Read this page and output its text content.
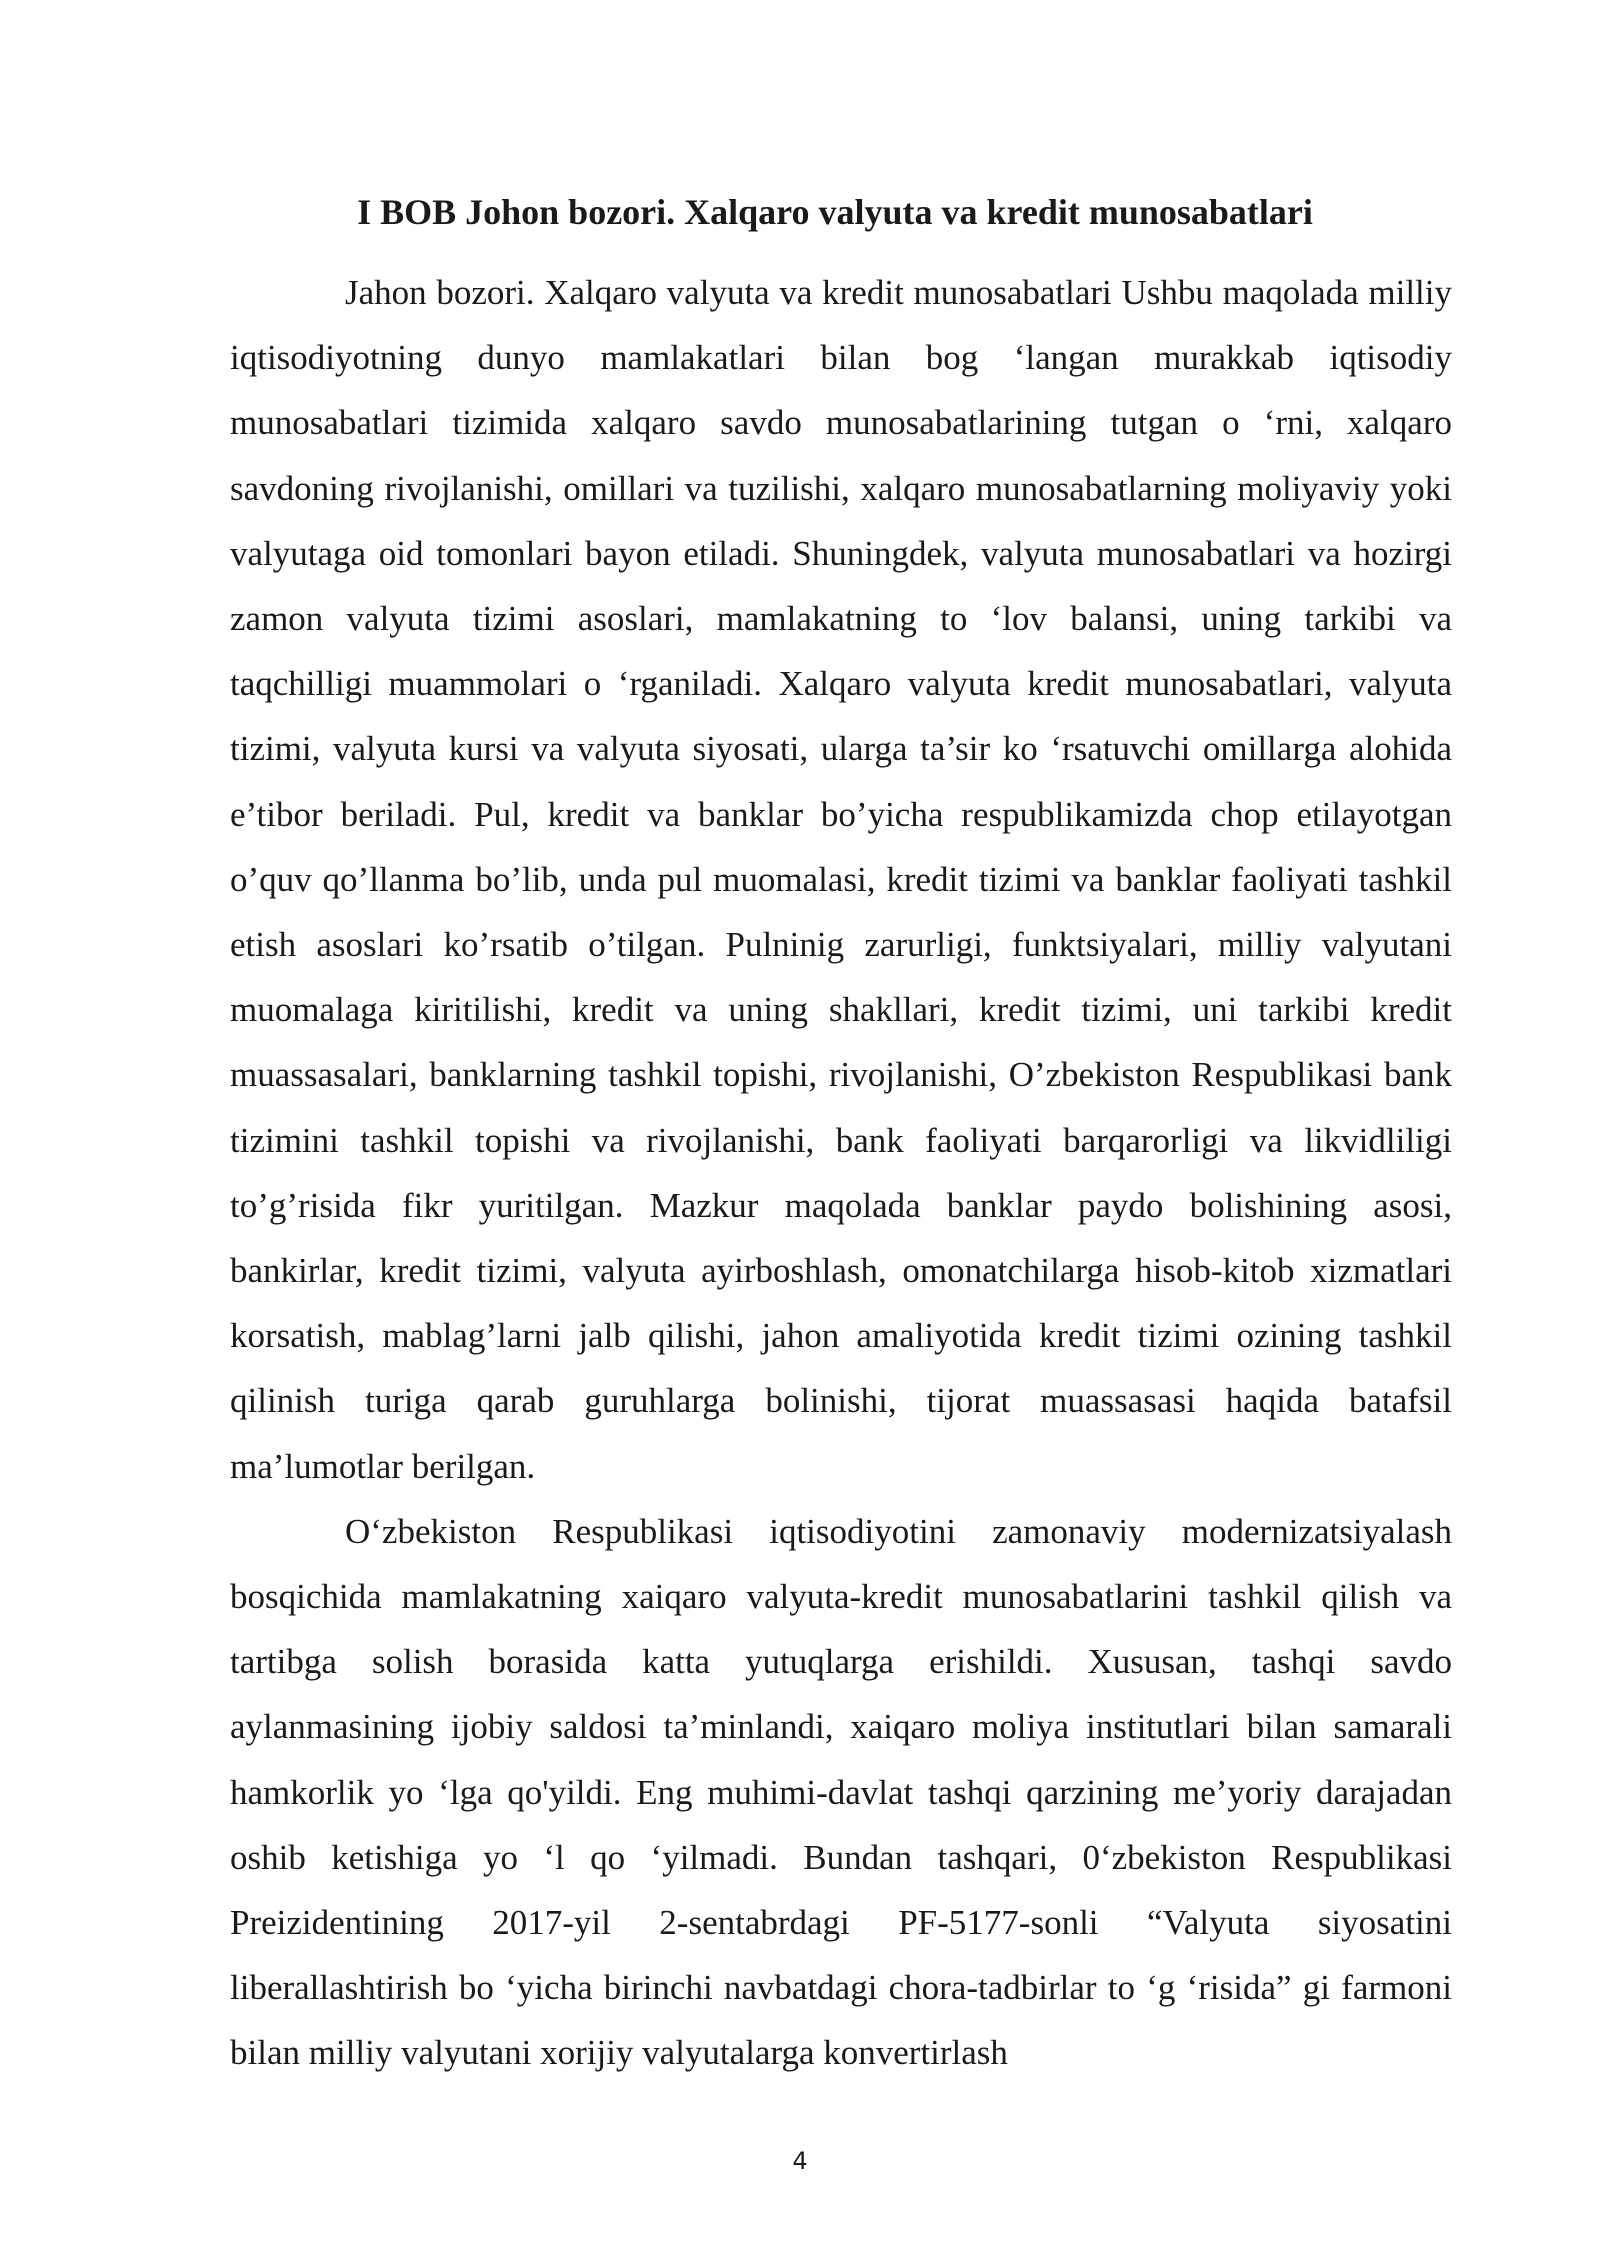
I BOB Johon bozori. Xalqaro valyuta va kredit munosabatlari

Jahon bozori. Xalqaro valyuta va kredit munosabatlari Ushbu maqolada milliy iqtisodiyotning dunyo mamlakatlari bilan bog ‘langan murakkab iqtisodiy munosabatlari tizimida xalqaro savdo munosabatlarining tutgan o ‘rni, xalqaro savdoning rivojlanishi, omillari va tuzilishi, xalqaro munosabatlarning moliyaviy yoki valyutaga oid tomonlari bayon etiladi. Shuningdek, valyuta munosabatlari va hozirgi zamon valyuta tizimi asoslari, mamlakatning to ‘lov balansi, uning tarkibi va taqchilligi muammolari o ‘rganiladi. Xalqaro valyuta kredit munosabatlari, valyuta tizimi, valyuta kursi va valyuta siyosati, ularga ta’sir ko ‘rsatuvchi omillarga alohida e’tibor beriladi. Pul, kredit va banklar bo’yicha respublikamizda chop etilayotgan o’quv qo’llanma bo’lib, unda pul muomalasi, kredit tizimi va banklar faoliyati tashkil etish asoslari ko’rsatib o’tilgan. Pulninig zarurligi, funktsiyalari, milliy valyutani muomalaga kiritilishi, kredit va uning shakllari, kredit tizimi, uni tarkibi kredit muassasalari, banklarning tashkil topishi, rivojlanishi, O’zbekiston Respublikasi bank tizimini tashkil topishi va rivojlanishi, bank faoliyati barqarorligi va likvidliligi to’g’risida fikr yuritilgan. Mazkur maqolada banklar paydo bolishining asosi, bankirlar, kredit tizimi, valyuta ayirboshlash, omonatchilarga hisob-kitob xizmatlari korsatish, mablag’larni jalb qilishi, jahon amaliyotida kredit tizimi ozining tashkil qilinish turiga qarab guruhlarga bolinishi, tijorat muassasasi haqida batafsil ma’lumotlar berilgan.

O‘zbekiston Respublikasi iqtisodiyotini zamonaviy modernizatsiyalash bosqichida mamlakatning xaiqaro valyuta-kredit munosabatlarini tashkil qilish va tartibga solish borasida katta yutuqlarga erishildi. Xususan, tashqi savdo aylanmasining ijobiy saldosi ta’minlandi, xaiqaro moliya institutlari bilan samarali hamkorlik yo ‘lga qo'yildi. Eng muhimi-davlat tashqi qarzining me’yoriy darajadan oshib ketishiga yo ‘l qo ‘yilmadi. Bundan tashqari, 0‘zbekiston Respublikasi Preizidentining 2017-yil 2-sentabrdagi PF-5177-sonli “Valyuta siyosatini liberallashtirish bo ‘yicha birinchi navbatdagi chora-tadbirlar to ‘g ‘risida” gi farmoni bilan milliy valyutani xorijiy valyutalarga konvertirlash

4
